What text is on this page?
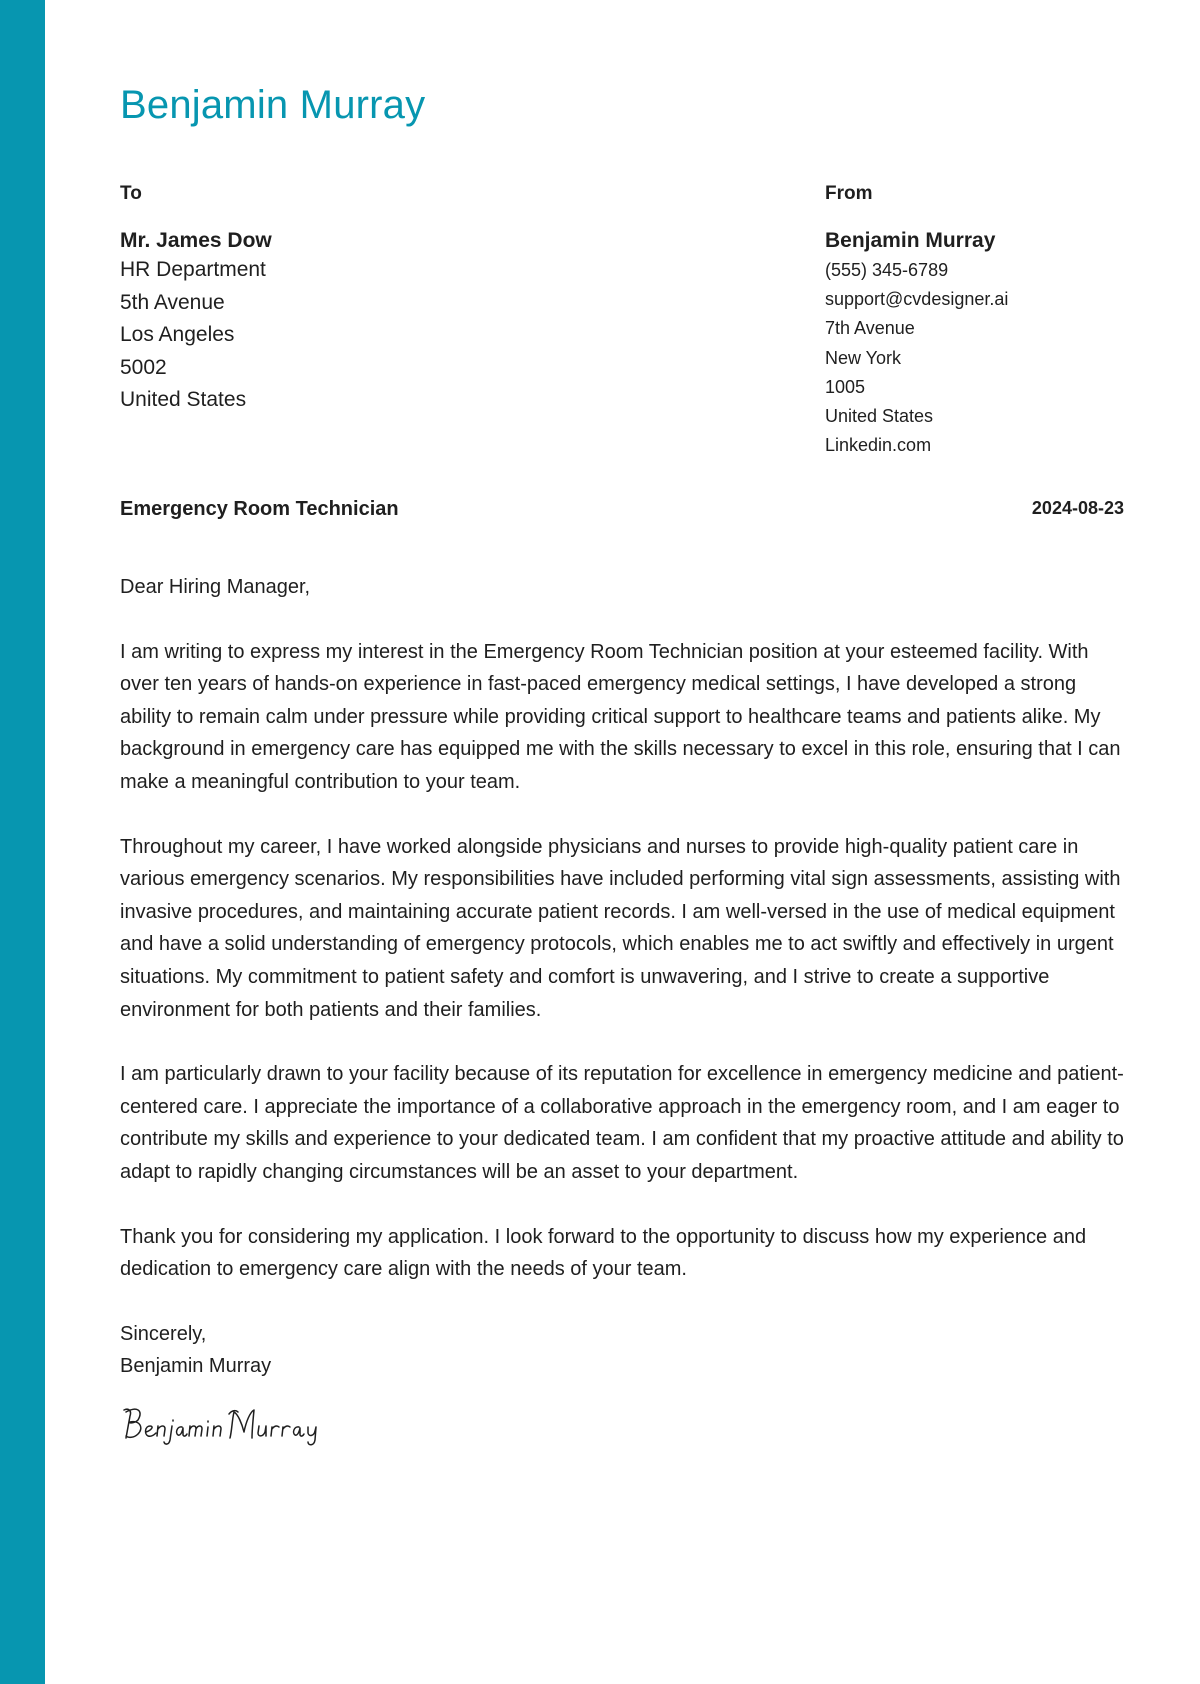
Benjamin Murray
To
Mr. James Dow
HR Department
5th Avenue
Los Angeles
5002
United States
From
Benjamin Murray
(555) 345-6789
support@cvdesigner.ai
7th Avenue
New York
1005
United States
Linkedin.com
Emergency Room Technician	2024-08-23

Dear Hiring Manager,

I am writing to express my interest in the Emergency Room Technician position at your esteemed facility. With over ten years of hands-on experience in fast-paced emergency medical settings, I have developed a strong ability to remain calm under pressure while providing critical support to healthcare teams and patients alike. My background in emergency care has equipped me with the skills necessary to excel in this role, ensuring that I can make a meaningful contribution to your team.

Throughout my career, I have worked alongside physicians and nurses to provide high-quality patient care in various emergency scenarios. My responsibilities have included performing vital sign assessments, assisting with invasive procedures, and maintaining accurate patient records. I am well-versed in the use of medical equipment and have a solid understanding of emergency protocols, which enables me to act swiftly and effectively in urgent situations. My commitment to patient safety and comfort is unwavering, and I strive to create a supportive environment for both patients and their families.

I am particularly drawn to your facility because of its reputation for excellence in emergency medicine and patient-centered care. I appreciate the importance of a collaborative approach in the emergency room, and I am eager to contribute my skills and experience to your dedicated team. I am confident that my proactive attitude and ability to adapt to rapidly changing circumstances will be an asset to your department.

Thank you for considering my application. I look forward to the opportunity to discuss how my experience and dedication to emergency care align with the needs of your team.

Sincerely,
Benjamin Murray
